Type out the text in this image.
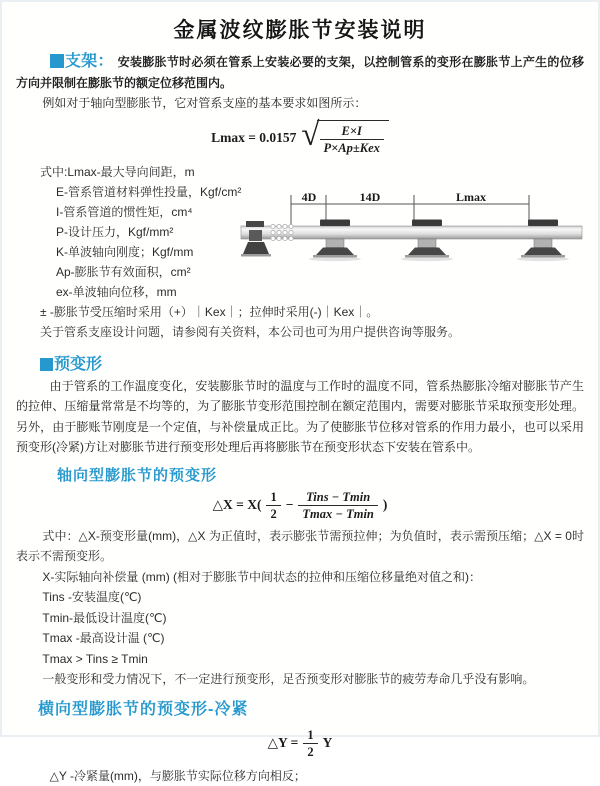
金属波纹膨胀节安装说明

支架： 安装膨胀节时必须在管系上安装必要的支架，以控制管系的变形在膨胀节上产生的位移方向并限制在膨胀节的额定位移范围内。

例如对于轴向型膨胀节，它对管系支座的基本要求如图所示：

Lmax = 0.0157 √ $\frac{E\times I}{\text{P×Ap±Kex}}$
式中:Lmax-最大导向间距，m
E-管系管道材料弹性投量，Kgf/cm²
I-管系管道的惯性矩，cm⁴
P-设计压力，Kgf/mm²
K-单波轴向刚度；Kgf/mm
Ap-膨胀节有效面积，cm²
ex-单波轴向位移，mm
4D	14D	Lmax

± -膨胀节受压缩时采用（+）｜Kex｜；拉伸时采用(-)｜Kex｜。

关于管系支座设计问题，请参阅有关资料，本公司也可为用户提供咨询等服务。

预变形

由于管系的工作温度变化，安装膨胀节时的温度与工作时的温度不同，管系热膨胀冷缩对膨胀节产生的拉伸、压缩量常常是不均等的，为了膨胀节变形范围控制在额定范围内，需要对膨胀节采取预变形处理。另外，由于膨账节刚度是一个定值，与补偿量成正比。为了使膨胀节位移对管系的作用力最小，也可以采用预变形(冷紧)方让对膨胀节进行预变形处理后再将膨胀节在预变形状态下安装在管系中。

轴向型膨胀节的预变形
△X = $X( \frac{1}{2} - \frac{\text{Tins − Tmin}}{Tmax - Tmin}$ )

式中：△X-预变形量(mm)，△X 为正值时，表示膨张节需预拉伸；为负值时，表示需预压缩；△X = 0时表示不需预变形。

X-实际轴向补偿量 (mm) (相对于膨胀节中间状态的拉伸和压缩位移量绝对值之和)：

Tins -安装温度(℃)

Tmin-最低设计温度(℃)

Tmax -最高设计温 (℃)

Tmax > Tins ≥ Tmin

一般变形和受力情况下，不一定进行预变形，足否预变形对膨胀节的疲劳寿命几乎没有影响。

横向型膨胀节的预变形-冷紧
△Y = $\frac{1}{2}$ Y

△Y -冷紧量(mm)，与膨胀节实际位移方向相反；
